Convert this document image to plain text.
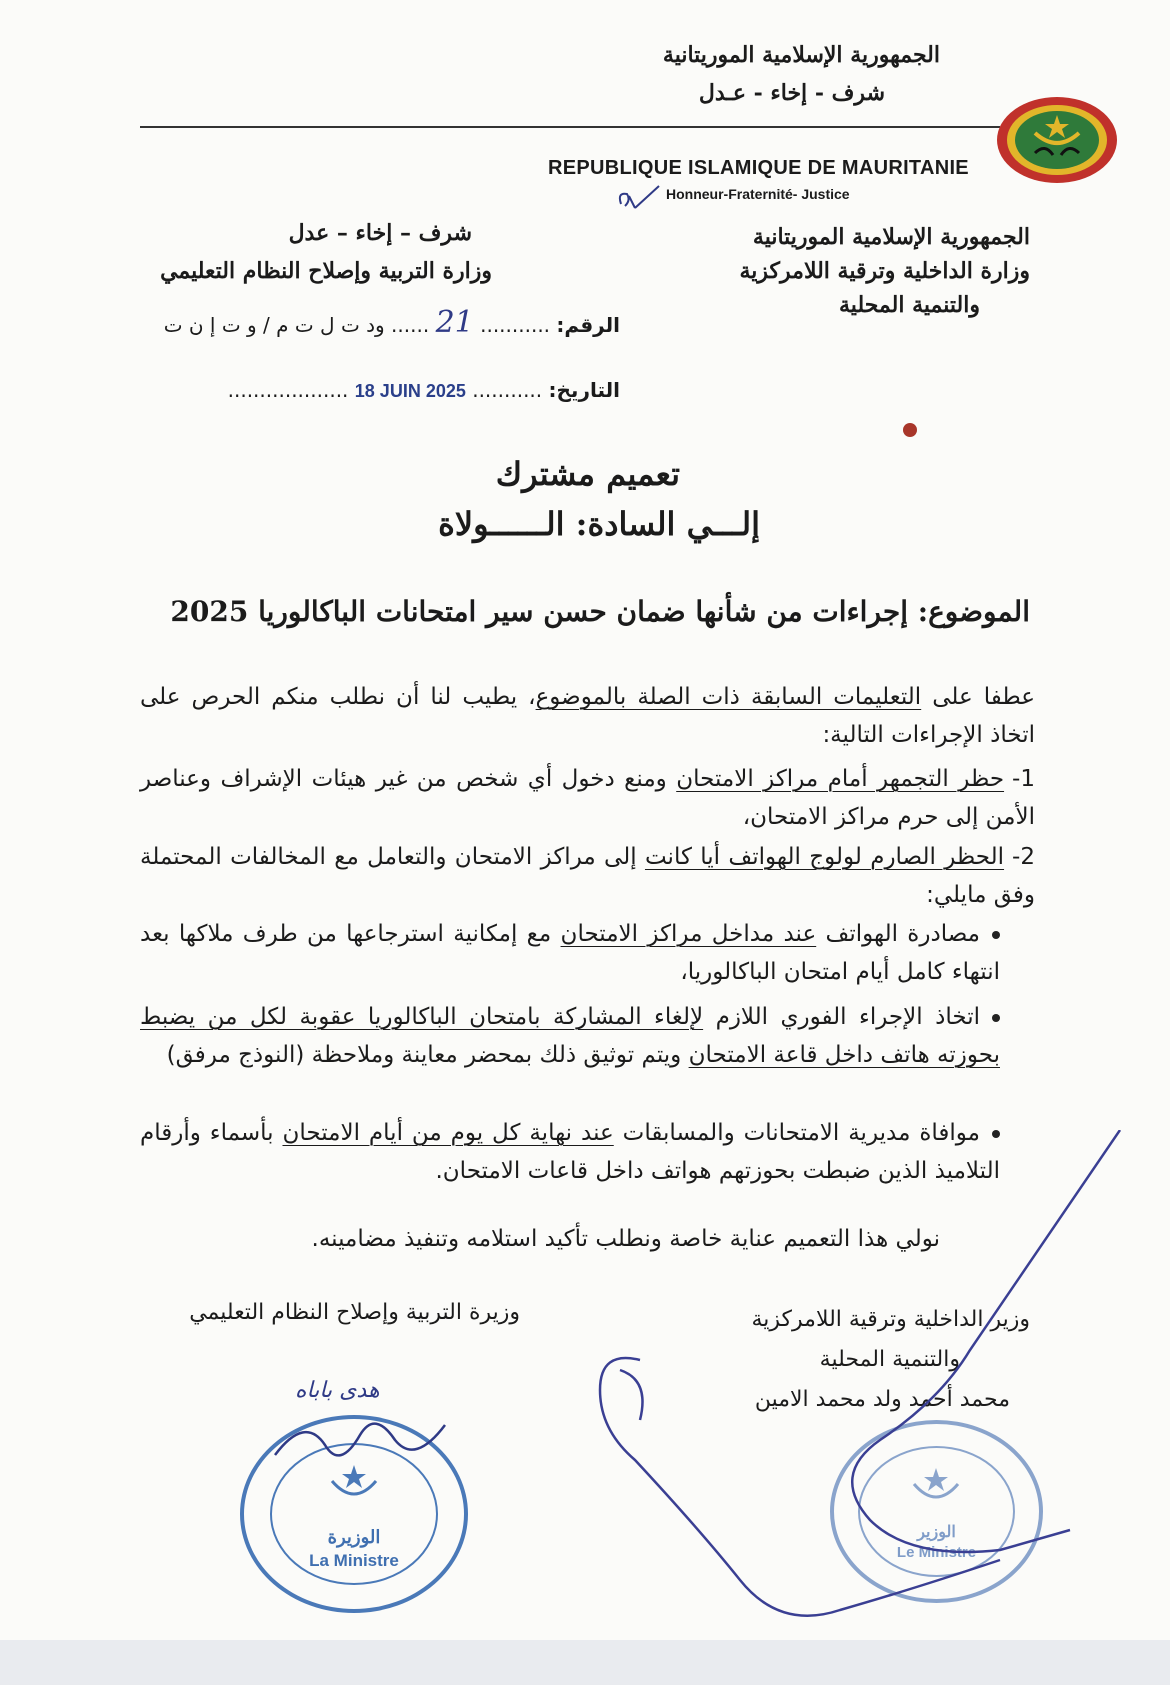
الجمهورية الإسلامية الموريتانية
شرف - إخاء - عـدل
REPUBLIQUE ISLAMIQUE DE MAURITANIE
Honneur-Fraternité- Justice
الجمهورية الإسلامية الموريتانية
وزارة الداخلية وترقية اللامركزية
والتنمية المحلية
شرف – إخاء – عدل
وزارة التربية وإصلاح النظام التعليمي
الرقم: ........... 21 ...... ود ت ل ت م / و ت إ ن ت
التاريخ: ........... 18 JUIN 2025 ...................
تعميم مشترك
إلـــي السادة: الــــــولاة
الموضوع: إجراءات من شأنها ضمان حسن سير امتحانات الباكالوريا 2025
عطفا على التعليمات السابقة ذات الصلة بالموضوع، يطيب لنا أن نطلب منكم الحرص على اتخاذ الإجراءات التالية:
1-حظر التجمهر أمام مراكز الامتحان ومنع دخول أي شخص من غير هيئات الإشراف وعناصر الأمن إلى حرم مراكز الامتحان،
2-الحظر الصارم لولوج الهواتف أيا كانت إلى مراكز الامتحان والتعامل مع المخالفات المحتملة وفق مايلي:
مصادرة الهواتف عند مداخل مراكز الامتحان مع إمكانية استرجاعها من طرف ملاكها بعد انتهاء كامل أيام امتحان الباكالوريا،
اتخاذ الإجراء الفوري اللازم لإلغاء المشاركة بامتحان الباكالوريا عقوبة لكل من يضبط بحوزته هاتف داخل قاعة الامتحان ويتم توثيق ذلك بمحضر معاينة وملاحظة (النوذج مرفق)
موافاة مديرية الامتحانات والمسابقات عند نهاية كل يوم من أيام الامتحان بأسماء وأرقام التلاميذ الذين ضبطت بحوزتهم هواتف داخل قاعات الامتحان.
نولي هذا التعميم عناية خاصة ونطلب تأكيد استلامه وتنفيذ مضامينه.
وزير الداخلية وترقية اللامركزية
والتنمية المحلية
محمد أحمد ولد محمد الامين
وزيرة التربية وإصلاح النظام التعليمي
هدى باباه
الوزيرة
La Ministre
الوزير
Le Ministre
